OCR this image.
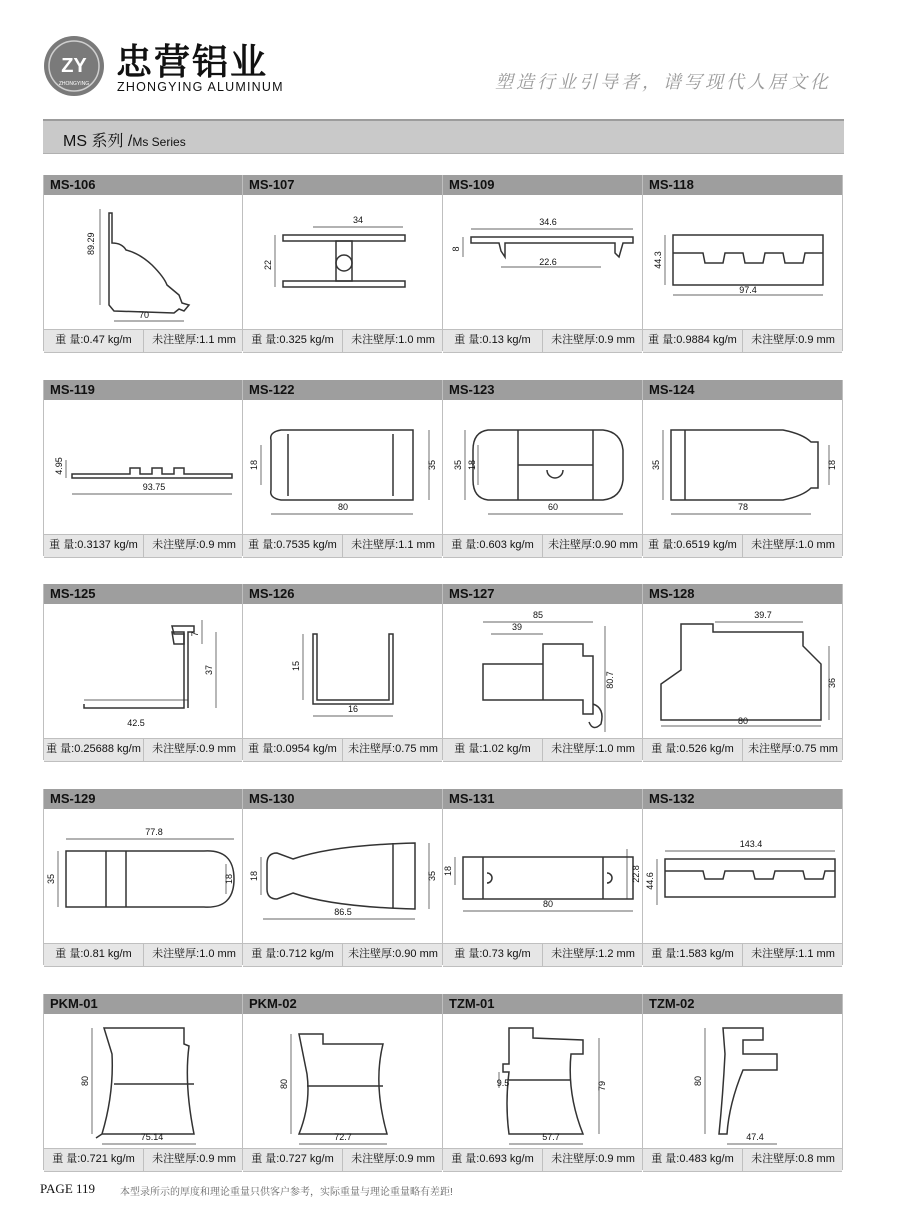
ZY
ZHONGYING
忠营铝业
ZHONGYING ALUMINUM	塑造行业引导者，谱写现代人居文化
MS 系列 /Ms Series
MS-106
89.29
70
重 量:0.47 kg/m	未注壁厚:1.1 mm
MS-107
34
22
重 量:0.325 kg/m	未注壁厚:1.0 mm
MS-109
34.6
8
22.6
重 量:0.13 kg/m	未注壁厚:0.9 mm
MS-118
44.3
97.4
重 量:0.9884 kg/m	未注壁厚:0.9 mm
MS-119
4.95
93.75
重 量:0.3137 kg/m	未注壁厚:0.9 mm
MS-122
18	35
80
重 量:0.7535 kg/m	未注壁厚:1.1 mm
MS-123
35 18
60
重 量:0.603 kg/m	未注壁厚:0.90 mm
MS-124
35	18
78
重 量:0.6519 kg/m	未注壁厚:1.0 mm
MS-125
7
37
42.5
重 量:0.25688 kg/m	未注壁厚:0.9 mm
MS-126
15
16
重 量:0.0954 kg/m	未注壁厚:0.75 mm
MS-127
85
39
80.7
重 量:1.02 kg/m	未注壁厚:1.0 mm
MS-128
39.7
36
80
重 量:0.526 kg/m	未注壁厚:0.75 mm
MS-129
77.8
35	18
重 量:0.81 kg/m	未注壁厚:1.0 mm
MS-130
18	35
86.5
重 量:0.712 kg/m	未注壁厚:0.90 mm
MS-131
18	22.8
80
重 量:0.73 kg/m	未注壁厚:1.2 mm
MS-132
143.4
44.6
重 量:1.583 kg/m	未注壁厚:1.1 mm
PKM-01
80
75.14
重 量:0.721 kg/m	未注壁厚:0.9 mm
PKM-02
80
72.7
重 量:0.727 kg/m	未注壁厚:0.9 mm
TZM-01
9.5	79
57.7
重 量:0.693 kg/m	未注壁厚:0.9 mm
TZM-02
80
47.4
重 量:0.483 kg/m	未注壁厚:0.8 mm
PAGE 119 本型录所示的厚度和理论重量只供客户参考，实际重量与理论重量略有差距!
